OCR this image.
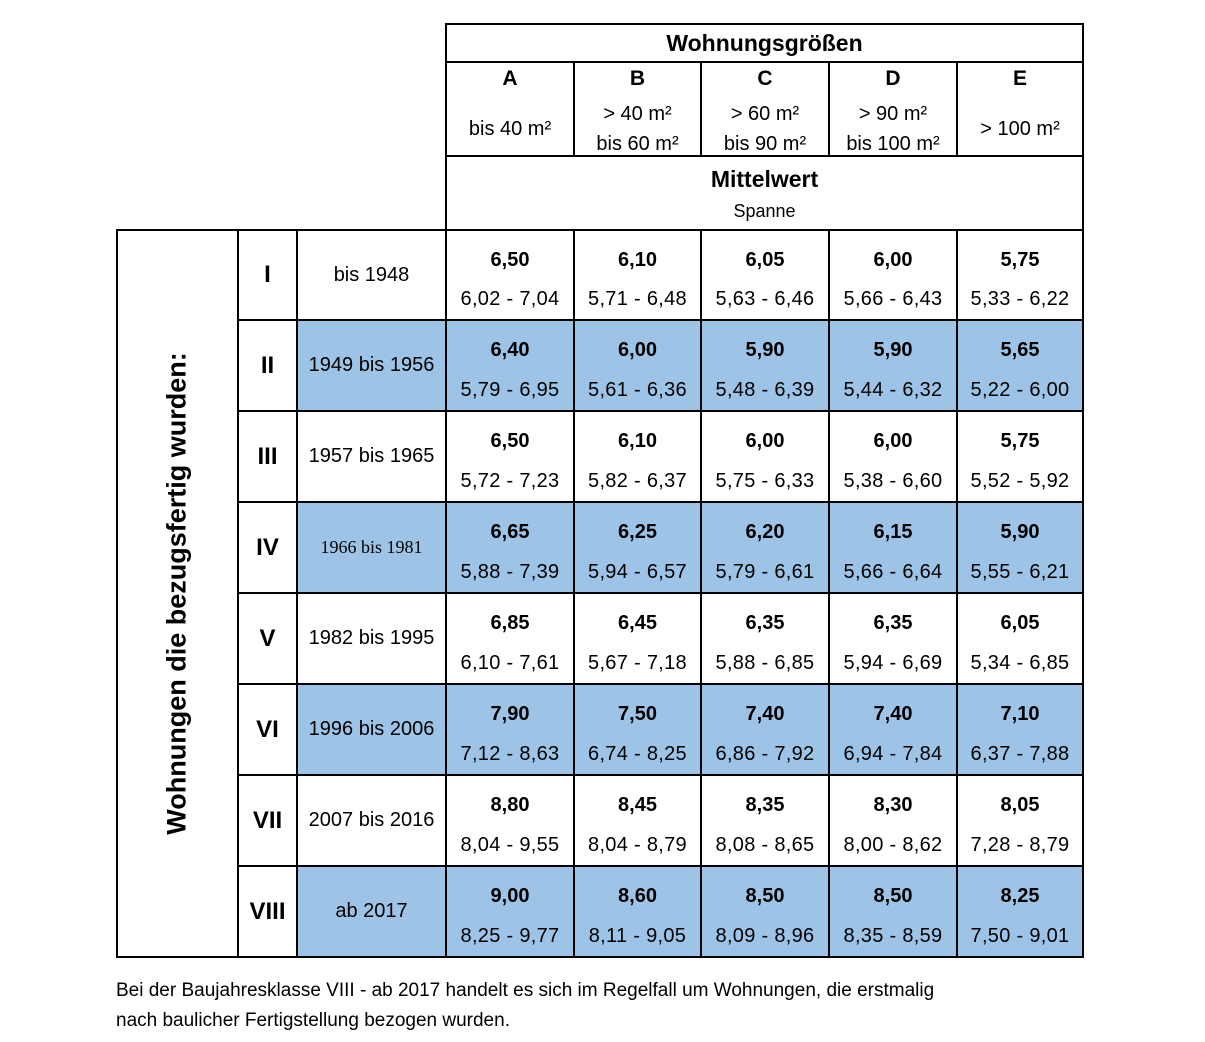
Wohnungsgrößen
A
bis 40 m²
B
> 40 m²
bis 60 m²
C
> 60 m²
bis 90 m²
D
> 90 m²
bis 100 m²
E
> 100 m²
Mittelwert
Spanne
Wohnungen die bezugsfertig wurden:
I	bis 1948
6,50
6,02 - 7,04
6,10
5,71 - 6,48
6,05
5,63 - 6,46
6,00
5,66 - 6,43
5,75
5,33 - 6,22
II 1949 bis 1956
6,40
5,79 - 6,95
6,00
5,61 - 6,36
5,90
5,48 - 6,39
5,90
5,44 - 6,32
5,65
5,22 - 6,00
III 1957 bis 1965
6,50
5,72 - 7,23
6,10
5,82 - 6,37
6,00
5,75 - 6,33
6,00
5,38 - 6,60
5,75
5,52 - 5,92
IV 1966 bis 1981
6,65
5,88 - 7,39
6,25
5,94 - 6,57
6,20
5,79 - 6,61
6,15
5,66 - 6,64
5,90
5,55 - 6,21
V 1982 bis 1995
6,85
6,10 - 7,61
6,45
5,67 - 7,18
6,35
5,88 - 6,85
6,35
5,94 - 6,69
6,05
5,34 - 6,85
VI 1996 bis 2006
7,90
7,12 - 8,63
7,50
6,74 - 8,25
7,40
6,86 - 7,92
7,40
6,94 - 7,84
7,10
6,37 - 7,88
VII 2007 bis 2016
8,80
8,04 - 9,55
8,45
8,04 - 8,79
8,35
8,08 - 8,65
8,30
8,00 - 8,62
8,05
7,28 - 8,79
VIII ab 2017
9,00
8,25 - 9,77
8,60
8,11 - 9,05
8,50
8,09 - 8,96
8,50
8,35 - 8,59
8,25
7,50 - 9,01
Bei der Baujahresklasse VIII - ab 2017 handelt es sich im Regelfall um Wohnungen, die erstmalig
nach baulicher Fertigstellung bezogen wurden.
